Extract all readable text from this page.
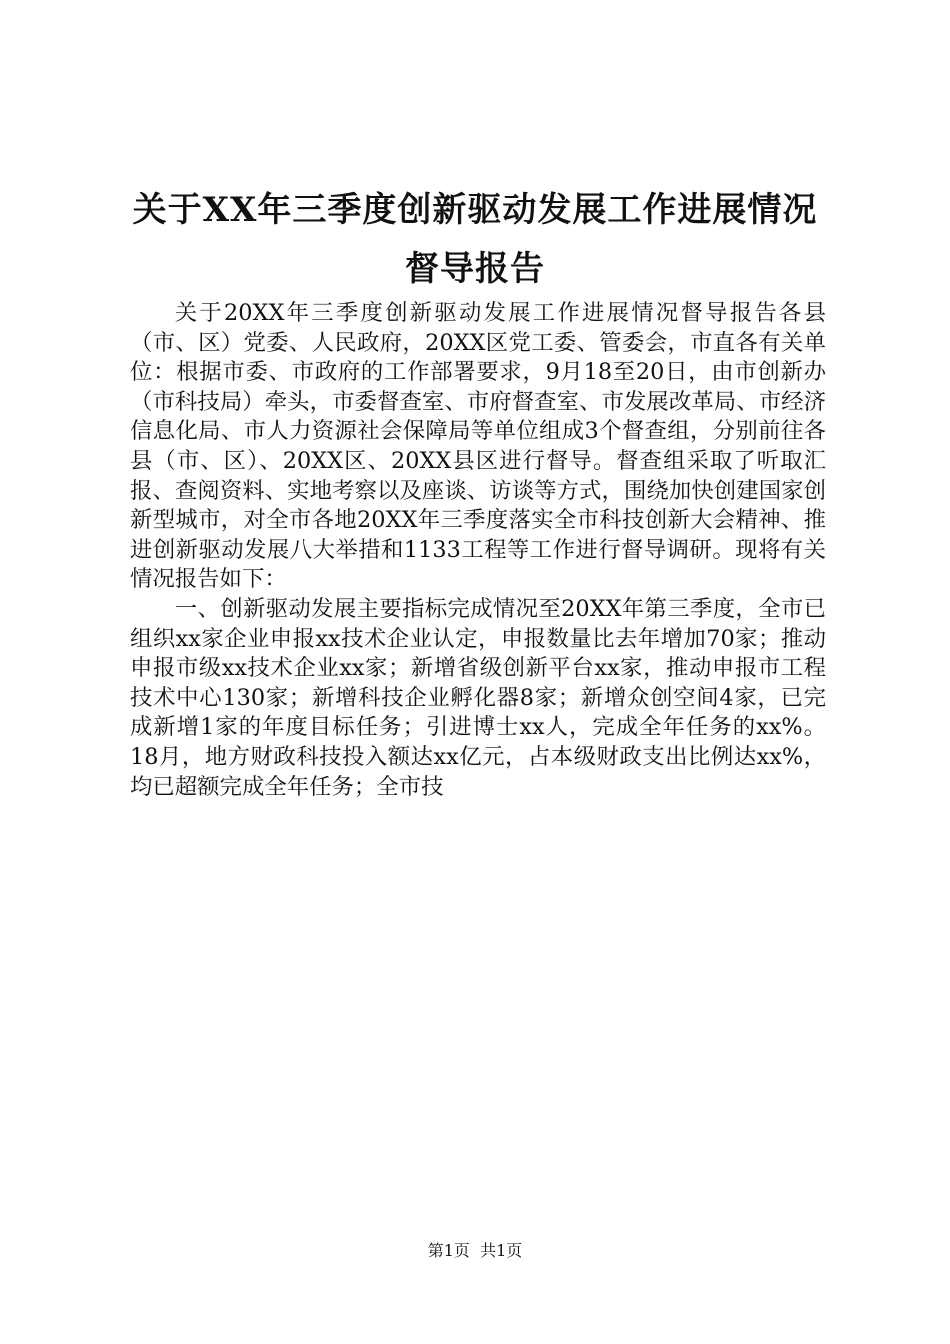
关于XX年三季度创新驱动发展工作进展情况
督导报告

关于20XX年三季度创新驱动发展工作进展情况督导报告各县（市、区）党委、人民政府，20XX区党工委、管委会，市直各有关单位：根据市委、市政府的工作部署要求，9月18至20日，由市创新办（市科技局）牵头，市委督查室、市府督查室、市发展改革局、市经济信息化局、市人力资源社会保障局等单位组成3个督查组，分别前往各县（市、区）、20XX区、20XX县区进行督导。督查组采取了听取汇报、查阅资料、实地考察以及座谈、访谈等方式，围绕加快创建国家创新型城市，对全市各地20XX年三季度落实全市科技创新大会精神、推进创新驱动发展八大举措和1133工程等工作进行督导调研。现将有关情况报告如下：

一、创新驱动发展主要指标完成情况至20XX年第三季度，全市已组织xx家企业申报xx技术企业认定，申报数量比去年增加70家；推动申报市级xx技术企业xx家；新增省级创新平台xx家，推动申报市工程技术中心130家；新增科技企业孵化器8家；新增众创空间4家，已完成新增1家的年度目标任务；引进博士xx人，完成全年任务的xx%。18月，地方财政科技投入额达xx亿元，占本级财政支出比例达xx%，均已超额完成全年任务；全市技

第1页 共1页
